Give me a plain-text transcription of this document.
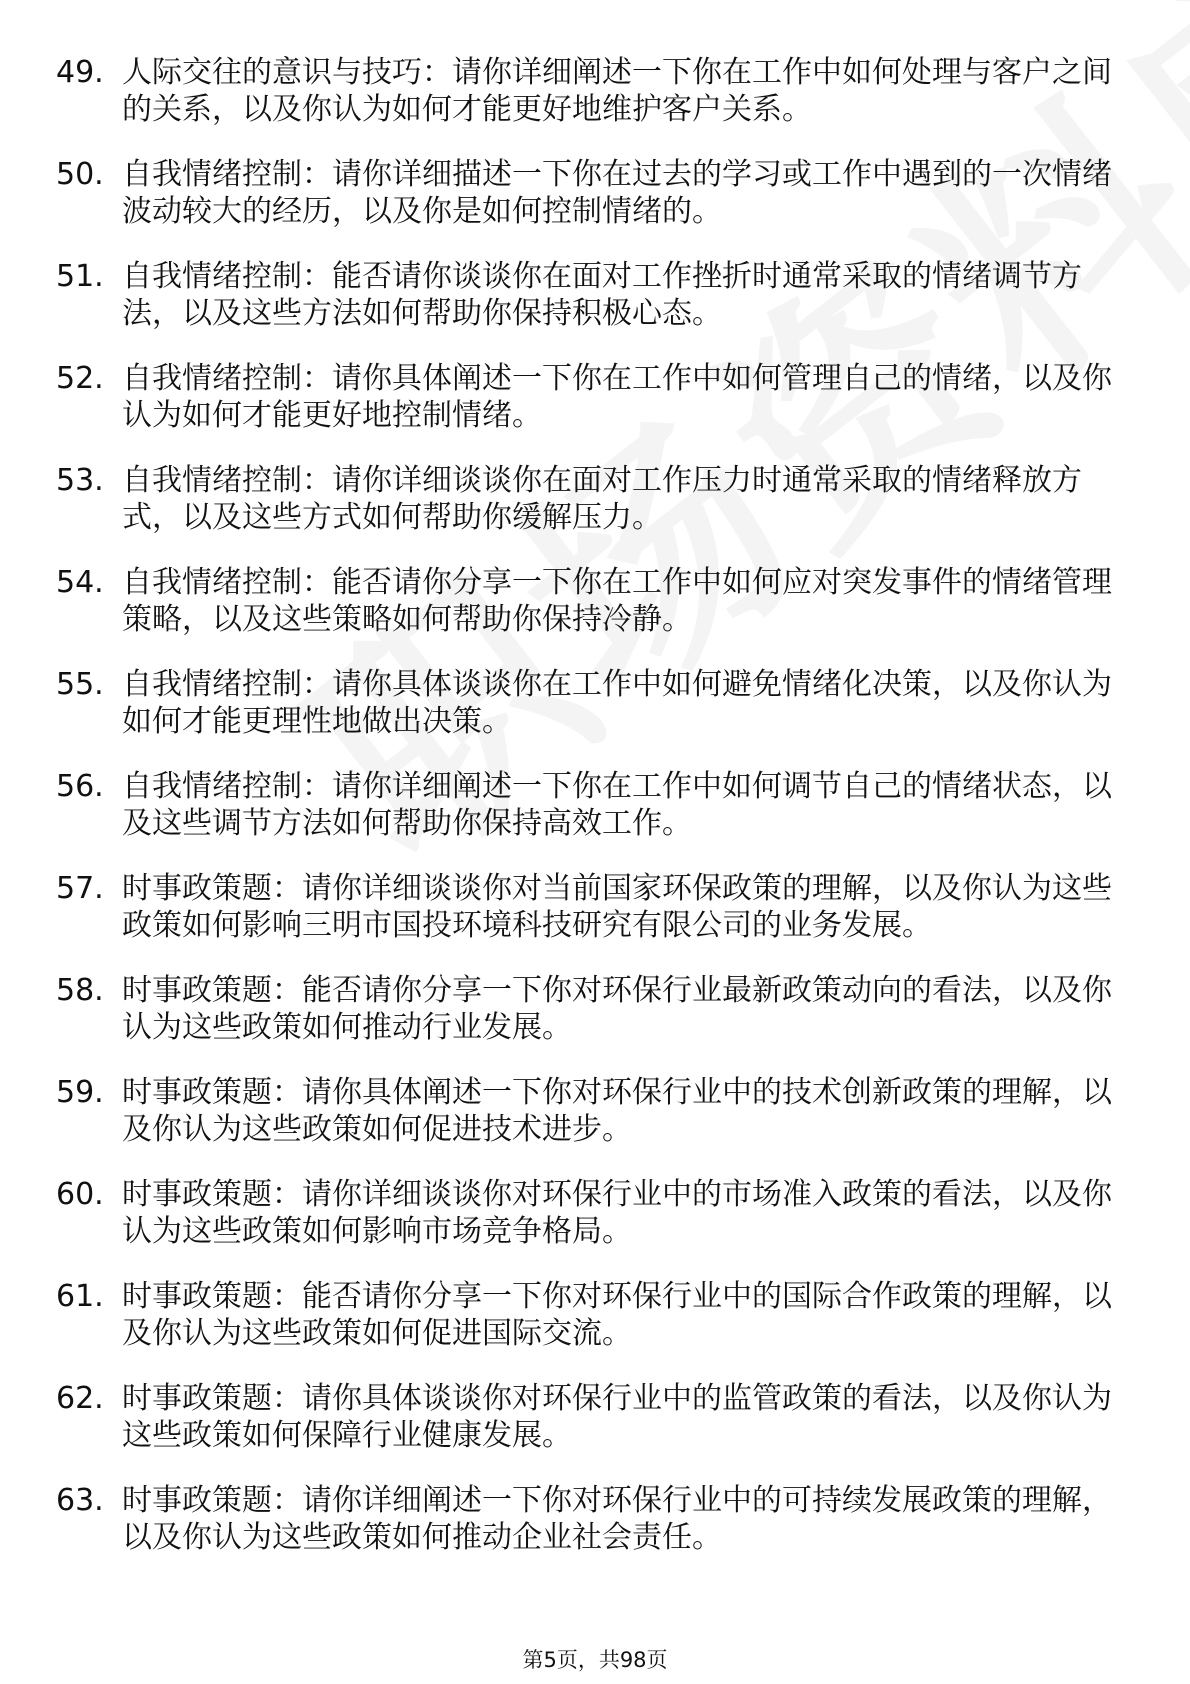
49. 人际交往的意识与技巧：请你详细阐述一下你在工作中如何处理与客户之间的关系，以及你认为如何才能更好地维护客户关系。
50. 自我情绪控制：请你详细描述一下你在过去的学习或工作中遇到的一次情绪波动较大的经历，以及你是如何控制情绪的。
51. 自我情绪控制：能否请你谈谈你在面对工作挫折时通常采取的情绪调节方法，以及这些方法如何帮助你保持积极心态。
52. 自我情绪控制：请你具体阐述一下你在工作中如何管理自己的情绪，以及你认为如何才能更好地控制情绪。
53. 自我情绪控制：请你详细谈谈你在面对工作压力时通常采取的情绪释放方式，以及这些方式如何帮助你缓解压力。
54. 自我情绪控制：能否请你分享一下你在工作中如何应对突发事件的情绪管理策略，以及这些策略如何帮助你保持冷静。
55. 自我情绪控制：请你具体谈谈你在工作中如何避免情绪化决策，以及你认为如何才能更理性地做出决策。
56. 自我情绪控制：请你详细阐述一下你在工作中如何调节自己的情绪状态，以及这些调节方法如何帮助你保持高效工作。
57. 时事政策题：请你详细谈谈你对当前国家环保政策的理解，以及你认为这些政策如何影响三明市国投环境科技研究有限公司的业务发展。
58. 时事政策题：能否请你分享一下你对环保行业最新政策动向的看法，以及你认为这些政策如何推动行业发展。
59. 时事政策题：请你具体阐述一下你对环保行业中的技术创新政策的理解，以及你认为这些政策如何促进技术进步。
60. 时事政策题：请你详细谈谈你对环保行业中的市场准入政策的看法，以及你认为这些政策如何影响市场竞争格局。
61. 时事政策题：能否请你分享一下你对环保行业中的国际合作政策的理解，以及你认为这些政策如何促进国际交流。
62. 时事政策题：请你具体谈谈你对环保行业中的监管政策的看法，以及你认为这些政策如何保障行业健康发展。
63. 时事政策题：请你详细阐述一下你对环保行业中的可持续发展政策的理解，以及你认为这些政策如何推动企业社会责任。
第5页，共98页
